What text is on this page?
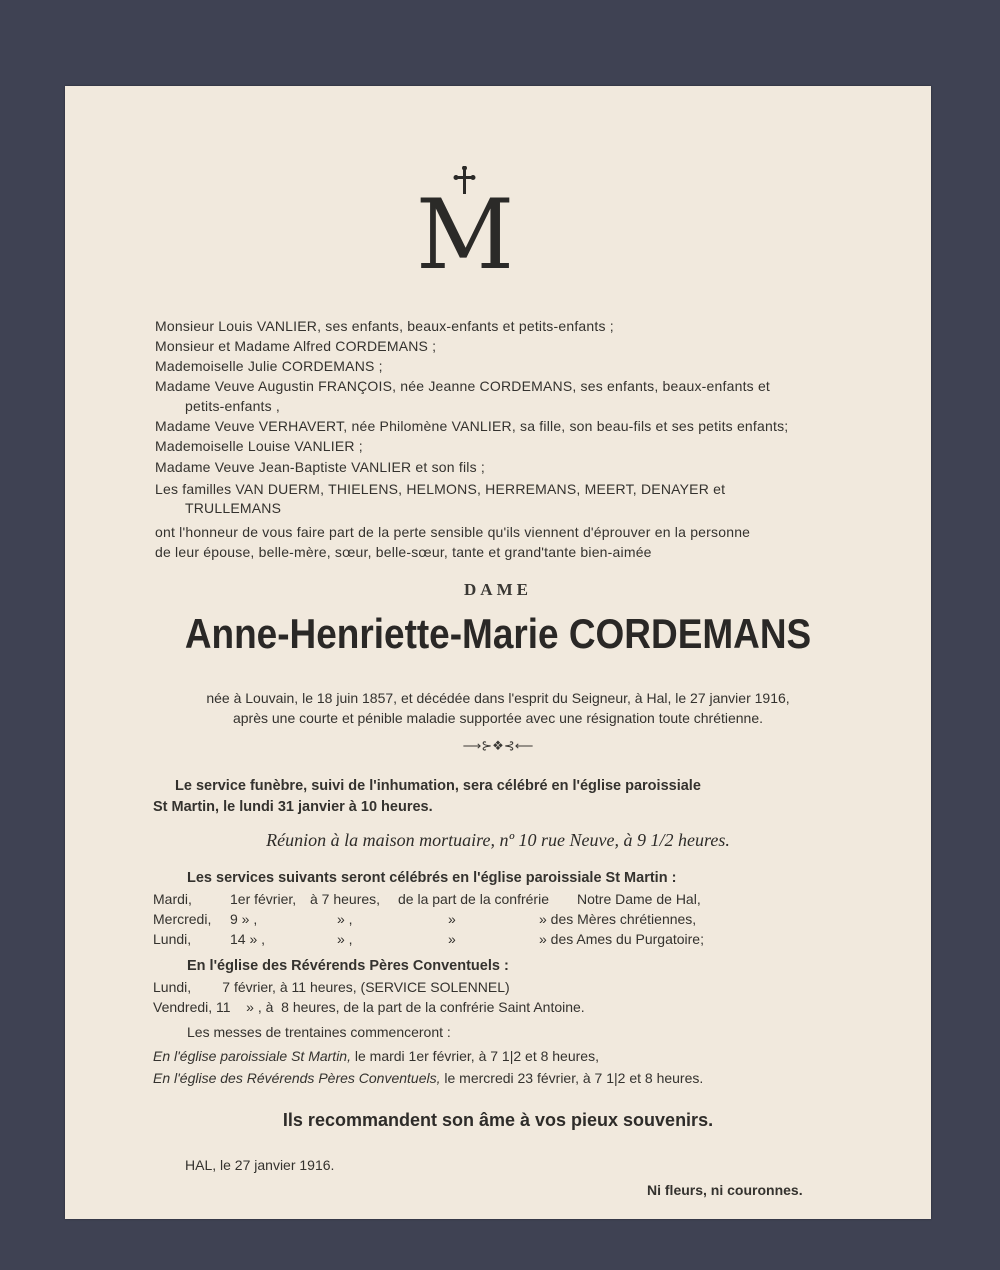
M
Monsieur Louis VANLIER, ses enfants, beaux-enfants et petits-enfants ;
Monsieur et Madame Alfred CORDEMANS ;
Mademoiselle Julie CORDEMANS ;
Madame Veuve Augustin FRANÇOIS, née Jeanne CORDEMANS, ses enfants, beaux-enfants et
petits-enfants ,
Madame Veuve VERHAVERT, née Philomène VANLIER, sa fille, son beau-fils et ses petits enfants;
Mademoiselle Louise VANLIER ;
Madame Veuve Jean-Baptiste VANLIER et son fils ;
Les familles VAN DUERM, THIELENS, HELMONS, HERREMANS, MEERT, DENAYER et
TRULLEMANS
ont l'honneur de vous faire part de la perte sensible qu'ils viennent d'éprouver en la personne
de leur épouse, belle-mère, sœur, belle-sœur, tante et grand'tante bien-aimée
DAME
Anne-Henriette-Marie CORDEMANS
née à Louvain, le 18 juin 1857, et décédée dans l'esprit du Seigneur, à Hal, le 27 janvier 1916,
après une courte et pénible maladie supportée avec une résignation toute chrétienne.
⟶⊱❖⊰⟵
Le service funèbre, suivi de l'inhumation, sera célébré en l'église paroissiale
St Martin, le lundi 31 janvier à 10 heures.
Réunion à la maison mortuaire, nº 10 rue Neuve, à 9 1/2 heures.
Les services suivants seront célébrés en l'église paroissiale St Martin :
Mardi,	1er février, à 7 heures, de la part de la confrérie Notre Dame de Hal,
Mercredi, 9 » ,	» ,	»	» des Mères chrétiennes,
Lundi,	14 » ,	» ,	»	» des Ames du Purgatoire;
En l'église des Révérends Pères Conventuels :
Lundi,        7 février, à 11 heures, (SERVICE SOLENNEL)
Vendredi, 11    » , à  8 heures, de la part de la confrérie Saint Antoine.
Les messes de trentaines commenceront :
En l'église paroissiale St Martin, le mardi 1er février, à 7 1|2 et 8 heures,
En l'église des Révérends Pères Conventuels, le mercredi 23 février, à 7 1|2 et 8 heures.
Ils recommandent son âme à vos pieux souvenirs.
HAL, le 27 janvier 1916.
Ni fleurs, ni couronnes.
